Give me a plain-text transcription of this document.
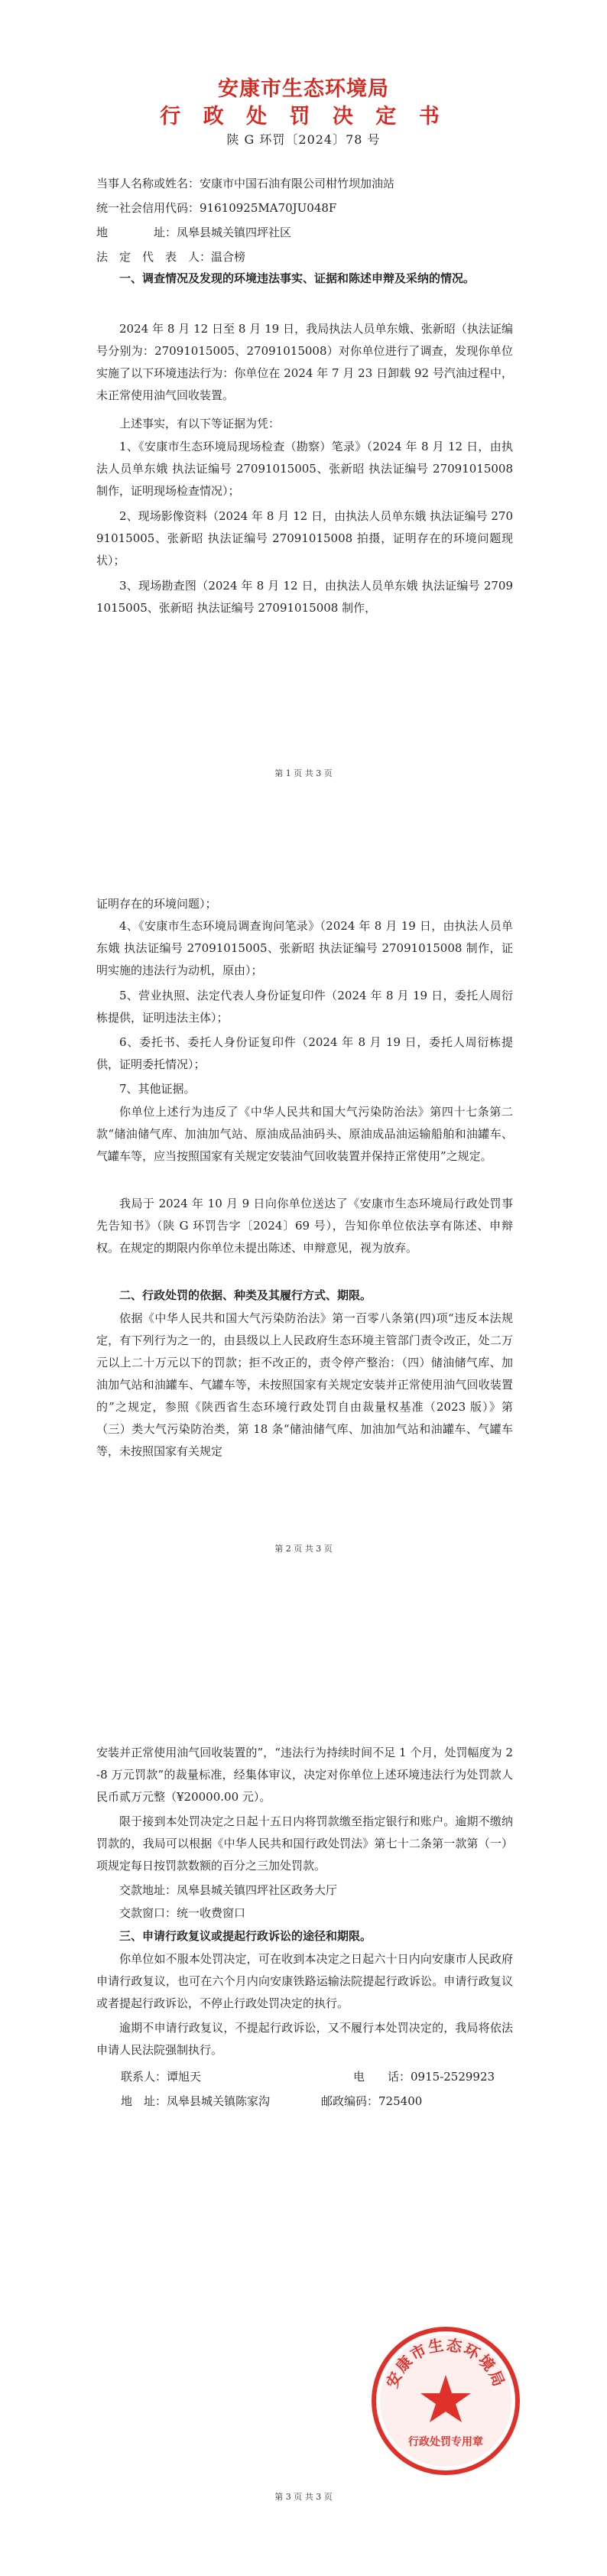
安康市生态环境局
行 政 处 罚 决 定 书
陕 G 环罚〔2024〕78 号
当事人名称或姓名：安康市中国石油有限公司柑竹坝加油站
统一社会信用代码：91610925MA70JU048F
地　　　　址：凤皋县城关镇四坪社区
法　定　代　表　人：温合榜
一、调查情况及发现的环境违法事实、证据和陈述申辩及采纳的情况。
2024 年 8 月 12 日至 8 月 19 日，我局执法人员单东娥、张新昭（执法证编号分别为：27091015005、27091015008）对你单位进行了调查，发现你单位实施了以下环境违法行为：你单位在 2024 年 7 月 23 日卸载 92 号汽油过程中，未正常使用油气回收装置。
上述事实，有以下等证据为凭：
1、《安康市生态环境局现场检查（勘察）笔录》（2024 年 8 月 12 日，由执法人员单东娥 执法证编号 27091015005、张新昭 执法证编号 27091015008 制作，证明现场检查情况）；
2、现场影像资料（2024 年 8 月 12 日，由执法人员单东娥 执法证编号 27091015005、张新昭 执法证编号 27091015008 拍摄，证明存在的环境问题现状）；
3、现场勘查图（2024 年 8 月 12 日，由执法人员单东娥 执法证编号 27091015005、张新昭 执法证编号 27091015008 制作，
第 1 页 共 3 页
证明存在的环境问题）；
4、《安康市生态环境局调查询问笔录》（2024 年 8 月 19 日，由执法人员单东娥 执法证编号 27091015005、张新昭 执法证编号 27091015008 制作，证明实施的违法行为动机，原由）；
5、营业执照、法定代表人身份证复印件（2024 年 8 月 19 日，委托人周衍栋提供，证明违法主体）；
6、委托书、委托人身份证复印件（2024 年 8 月 19 日，委托人周衍栋提供，证明委托情况）；
7、其他证据。
你单位上述行为违反了《中华人民共和国大气污染防治法》第四十七条第二款“储油储气库、加油加气站、原油成品油码头、原油成品油运输船舶和油罐车、气罐车等，应当按照国家有关规定安装油气回收装置并保持正常使用”之规定。
我局于 2024 年 10 月 9 日向你单位送达了《安康市生态环境局行政处罚事先告知书》（陕 G 环罚告字〔2024〕69 号），告知你单位依法享有陈述、申辩权。在规定的期限内你单位未提出陈述、申辩意见，视为放弃。
二、行政处罚的依据、种类及其履行方式、期限。
依据《中华人民共和国大气污染防治法》第一百零八条第(四)项“违反本法规定，有下列行为之一的，由县级以上人民政府生态环境主管部门责令改正，处二万元以上二十万元以下的罚款；拒不改正的，责令停产整治：（四）储油储气库、加油加气站和油罐车、气罐车等，未按照国家有关规定安装并正常使用油气回收装置的”之规定，参照《陕西省生态环境行政处罚自由裁量权基准（2023 版）》第（三）类大气污染防治类，第 18 条“储油储气库、加油加气站和油罐车、气罐车等，未按照国家有关规定
第 2 页 共 3 页
安装并正常使用油气回收装置的”，“违法行为持续时间不足 1 个月，处罚幅度为 2-8 万元罚款”的裁量标准，经集体审议，决定对你单位上述环境违法行为处罚款人民币贰万元整（¥20000.00 元）。
限于接到本处罚决定之日起十五日内将罚款缴至指定银行和账户。逾期不缴纳罚款的，我局可以根据《中华人民共和国行政处罚法》第七十二条第一款第（一）项规定每日按罚款数额的百分之三加处罚款。
交款地址：凤皋县城关镇四坪社区政务大厅
交款窗口：统一收费窗口
三、申请行政复议或提起行政诉讼的途径和期限。
你单位如不服本处罚决定，可在收到本决定之日起六十日内向安康市人民政府申请行政复议，也可在六个月内向安康铁路运输法院提起行政诉讼。申请行政复议或者提起行政诉讼，不停止行政处罚决定的执行。
逾期不申请行政复议，不提起行政诉讼，又不履行本处罚决定的，我局将依法申请人民法院强制执行。
联系人：谭旭天	电　　话：0915-2529923
地　址：凤皋县城关镇陈家沟	邮政编码：725400
安康市生态环境局
行政处罚专用章
第 3 页 共 3 页
